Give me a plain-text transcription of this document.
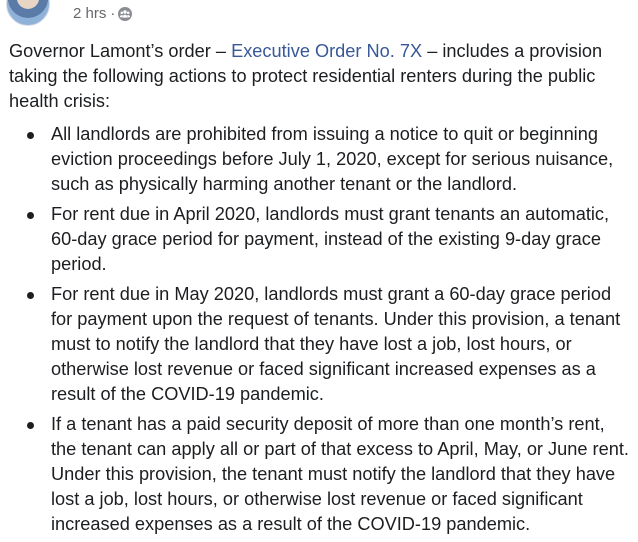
2 hrs ·

Governor Lamont’s order – Executive Order No. 7X – includes a provision taking the following actions to protect residential renters during the public health crisis:

All landlords are prohibited from issuing a notice to quit or beginning eviction proceedings before July 1, 2020, except for serious nuisance, such as physically harming another tenant or the landlord.
For rent due in April 2020, landlords must grant tenants an automatic, 60-day grace period for payment, instead of the existing 9-day grace period.
For rent due in May 2020, landlords must grant a 60-day grace period for payment upon the request of tenants. Under this provision, a tenant must to notify the landlord that they have lost a job, lost hours, or otherwise lost revenue or faced significant increased expenses as a result of the COVID-19 pandemic.
If a tenant has a paid security deposit of more than one month’s rent, the tenant can apply all or part of that excess to April, May, or June rent. Under this provision, the tenant must notify the landlord that they have lost a job, lost hours, or otherwise lost revenue or faced significant increased expenses as a result of the COVID-19 pandemic.
